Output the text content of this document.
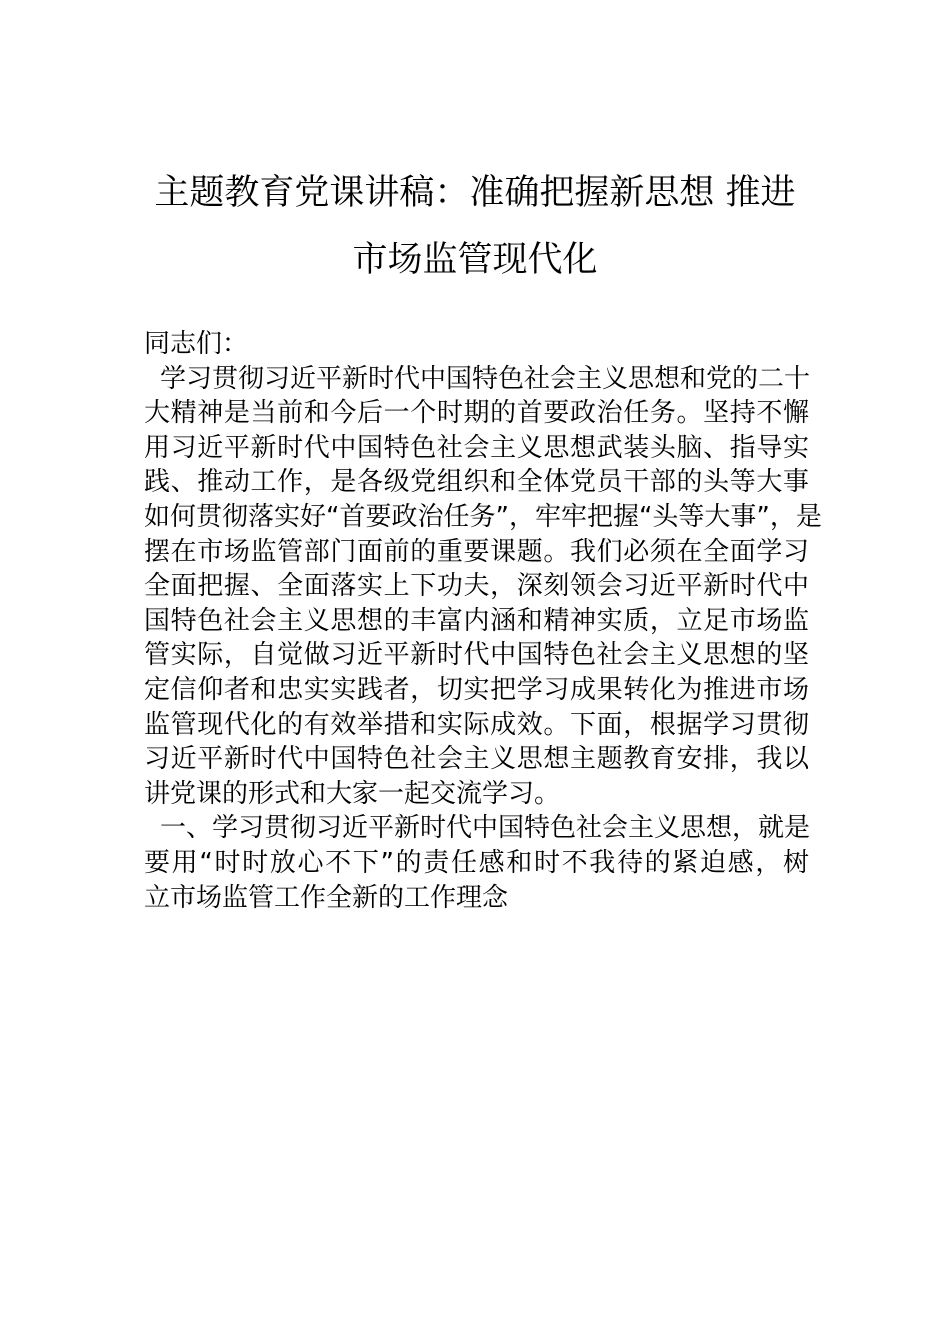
主题教育党课讲稿：准确把握新思想 推进
市场监管现代化

同志们：

学习贯彻习近平新时代中国特色社会主义思想和党的二十

大精神是当前和今后一个时期的首要政治任务。坚持不懈

用习近平新时代中国特色社会主义思想武装头脑、指导实

践、推动工作，是各级党组织和全体党员干部的头等大事

如何贯彻落实好“首要政治任务”，牢牢把握“头等大事”，是

摆在市场监管部门面前的重要课题。我们必须在全面学习

全面把握、全面落实上下功夫，深刻领会习近平新时代中

国特色社会主义思想的丰富内涵和精神实质，立足市场监

管实际，自觉做习近平新时代中国特色社会主义思想的坚

定信仰者和忠实实践者，切实把学习成果转化为推进市场

监管现代化的有效举措和实际成效。下面，根据学习贯彻

习近平新时代中国特色社会主义思想主题教育安排，我以

讲党课的形式和大家一起交流学习。

一、学习贯彻习近平新时代中国特色社会主义思想，就是

要用“时时放心不下”的责任感和时不我待的紧迫感，树

立市场监管工作全新的工作理念
